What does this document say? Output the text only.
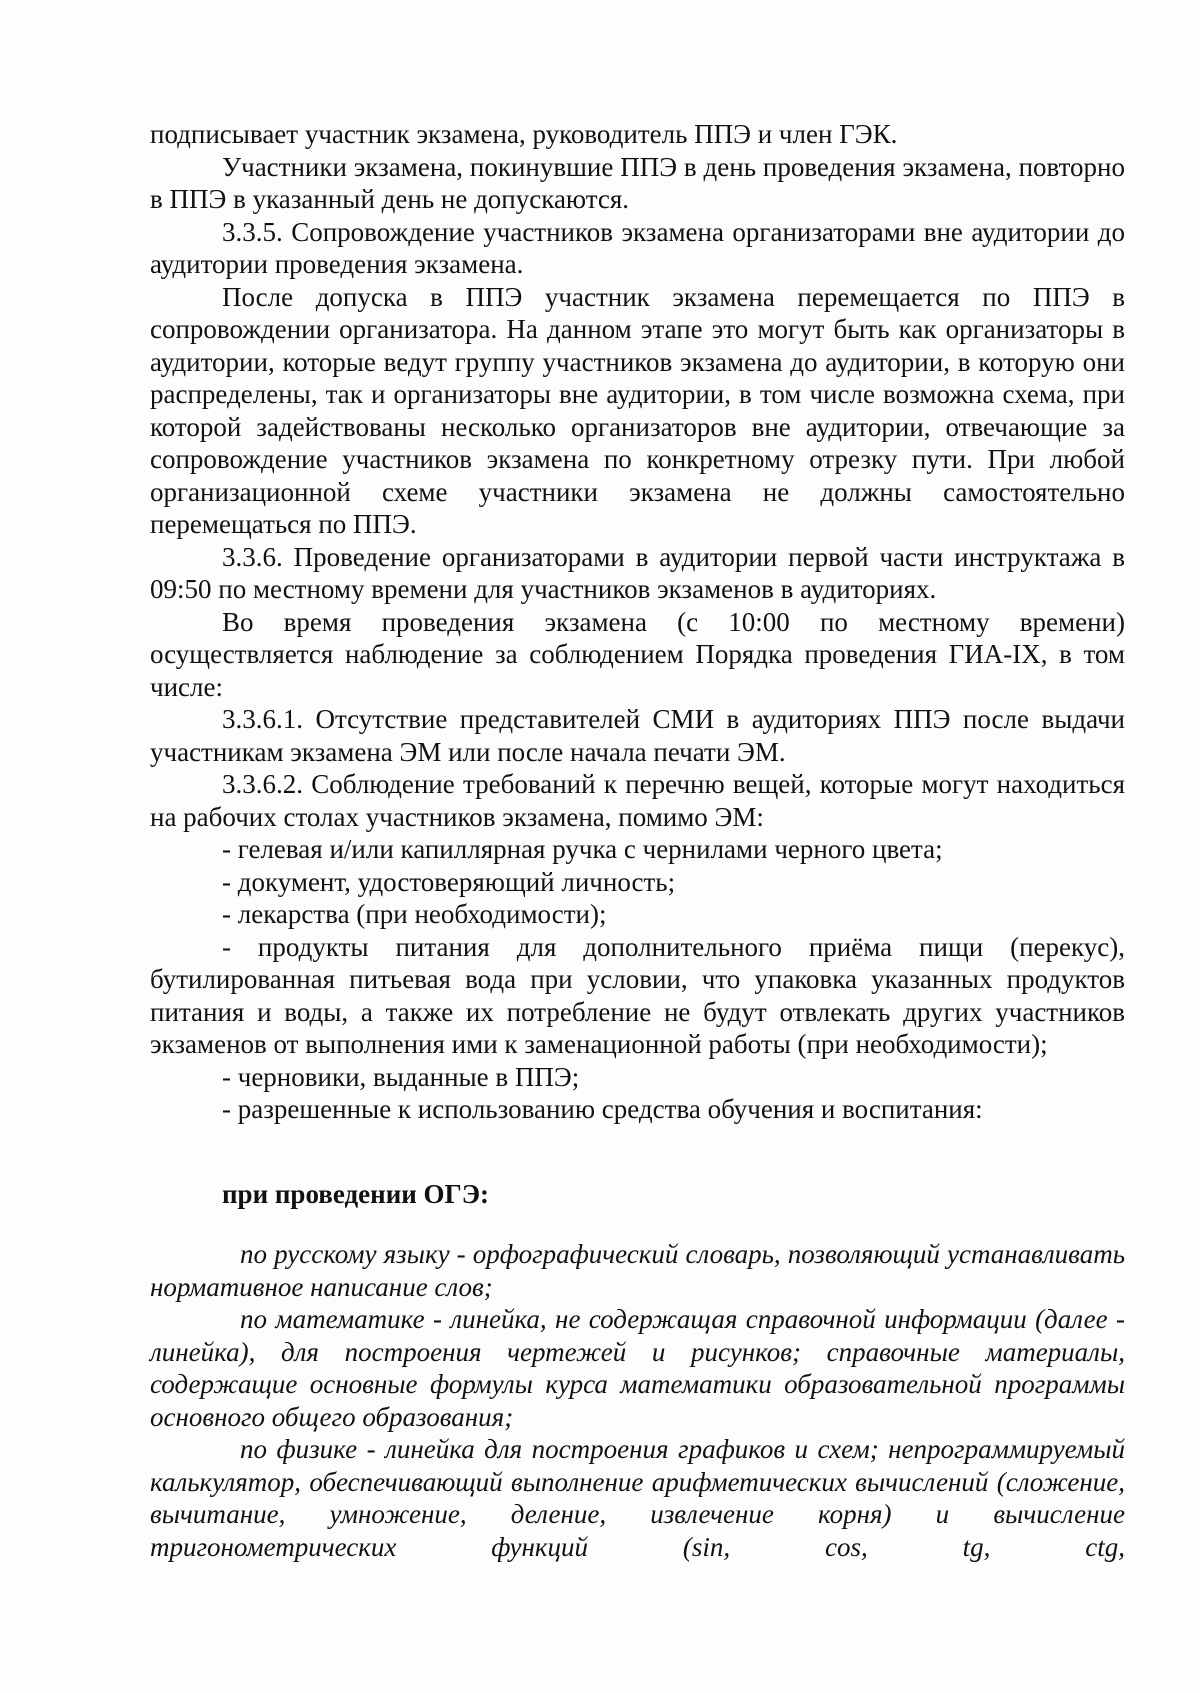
подписывает участник экзамена, руководитель ППЭ и член ГЭК.

Участники экзамена, покинувшие ППЭ в день проведения экзамена, повторно в ППЭ в указанный день не допускаются.

3.3.5. Сопровождение участников экзамена организаторами вне аудитории до аудитории проведения экзамена.

После допуска в ППЭ участник экзамена перемещается по ППЭ в сопровождении организатора. На данном этапе это могут быть как организаторы в аудитории, которые ведут группу участников экзамена до аудитории, в которую они распределены, так и организаторы вне аудитории, в том числе возможна схема, при которой задействованы несколько организаторов вне аудитории, отвечающие за сопровождение участников экзамена по конкретному отрезку пути. При любой организационной схеме участники экзамена не должны самостоятельно перемещаться по ППЭ.

3.3.6. Проведение организаторами в аудитории первой части инструктажа в 09:50 по местному времени для участников экзаменов в аудиториях.

Во время проведения экзамена (с 10:00 по местному времени) осуществляется наблюдение за соблюдением Порядка проведения ГИА-IX, в том числе:

3.3.6.1. Отсутствие представителей СМИ в аудиториях ППЭ после выдачи участникам экзамена ЭМ или после начала печати ЭМ.

3.3.6.2. Соблюдение требований к перечню вещей, которые могут находиться на рабочих столах участников экзамена, помимо ЭМ:

- гелевая и/или капиллярная ручка с чернилами черного цвета;

- документ, удостоверяющий личность;

- лекарства (при необходимости);

- продукты питания для дополнительного приёма пищи (перекус), бутилированная питьевая вода при условии, что упаковка указанных продуктов питания и воды, а также их потребление не будут отвлекать других участников экзаменов от выполнения ими к заменационной работы (при необходимости);

- черновики, выданные в ППЭ;

- разрешенные к использованию средства обучения и воспитания:

при проведении ОГЭ:

по русскому языку - орфографический словарь, позволяющий устанавливать нормативное написание слов;

по математике - линейка, не содержащая справочной информации (далее - линейка), для построения чертежей и рисунков; справочные материалы, содержащие основные формулы курса математики образовательной программы основного общего образования;

по физике - линейка для построения графиков и схем; непрограммируемый калькулятор, обеспечивающий выполнение арифметических вычислений (сложение, вычитание, умножение, деление, извлечение корня) и вычисление тригонометрических функций (sin, cos, tg, ctg,
